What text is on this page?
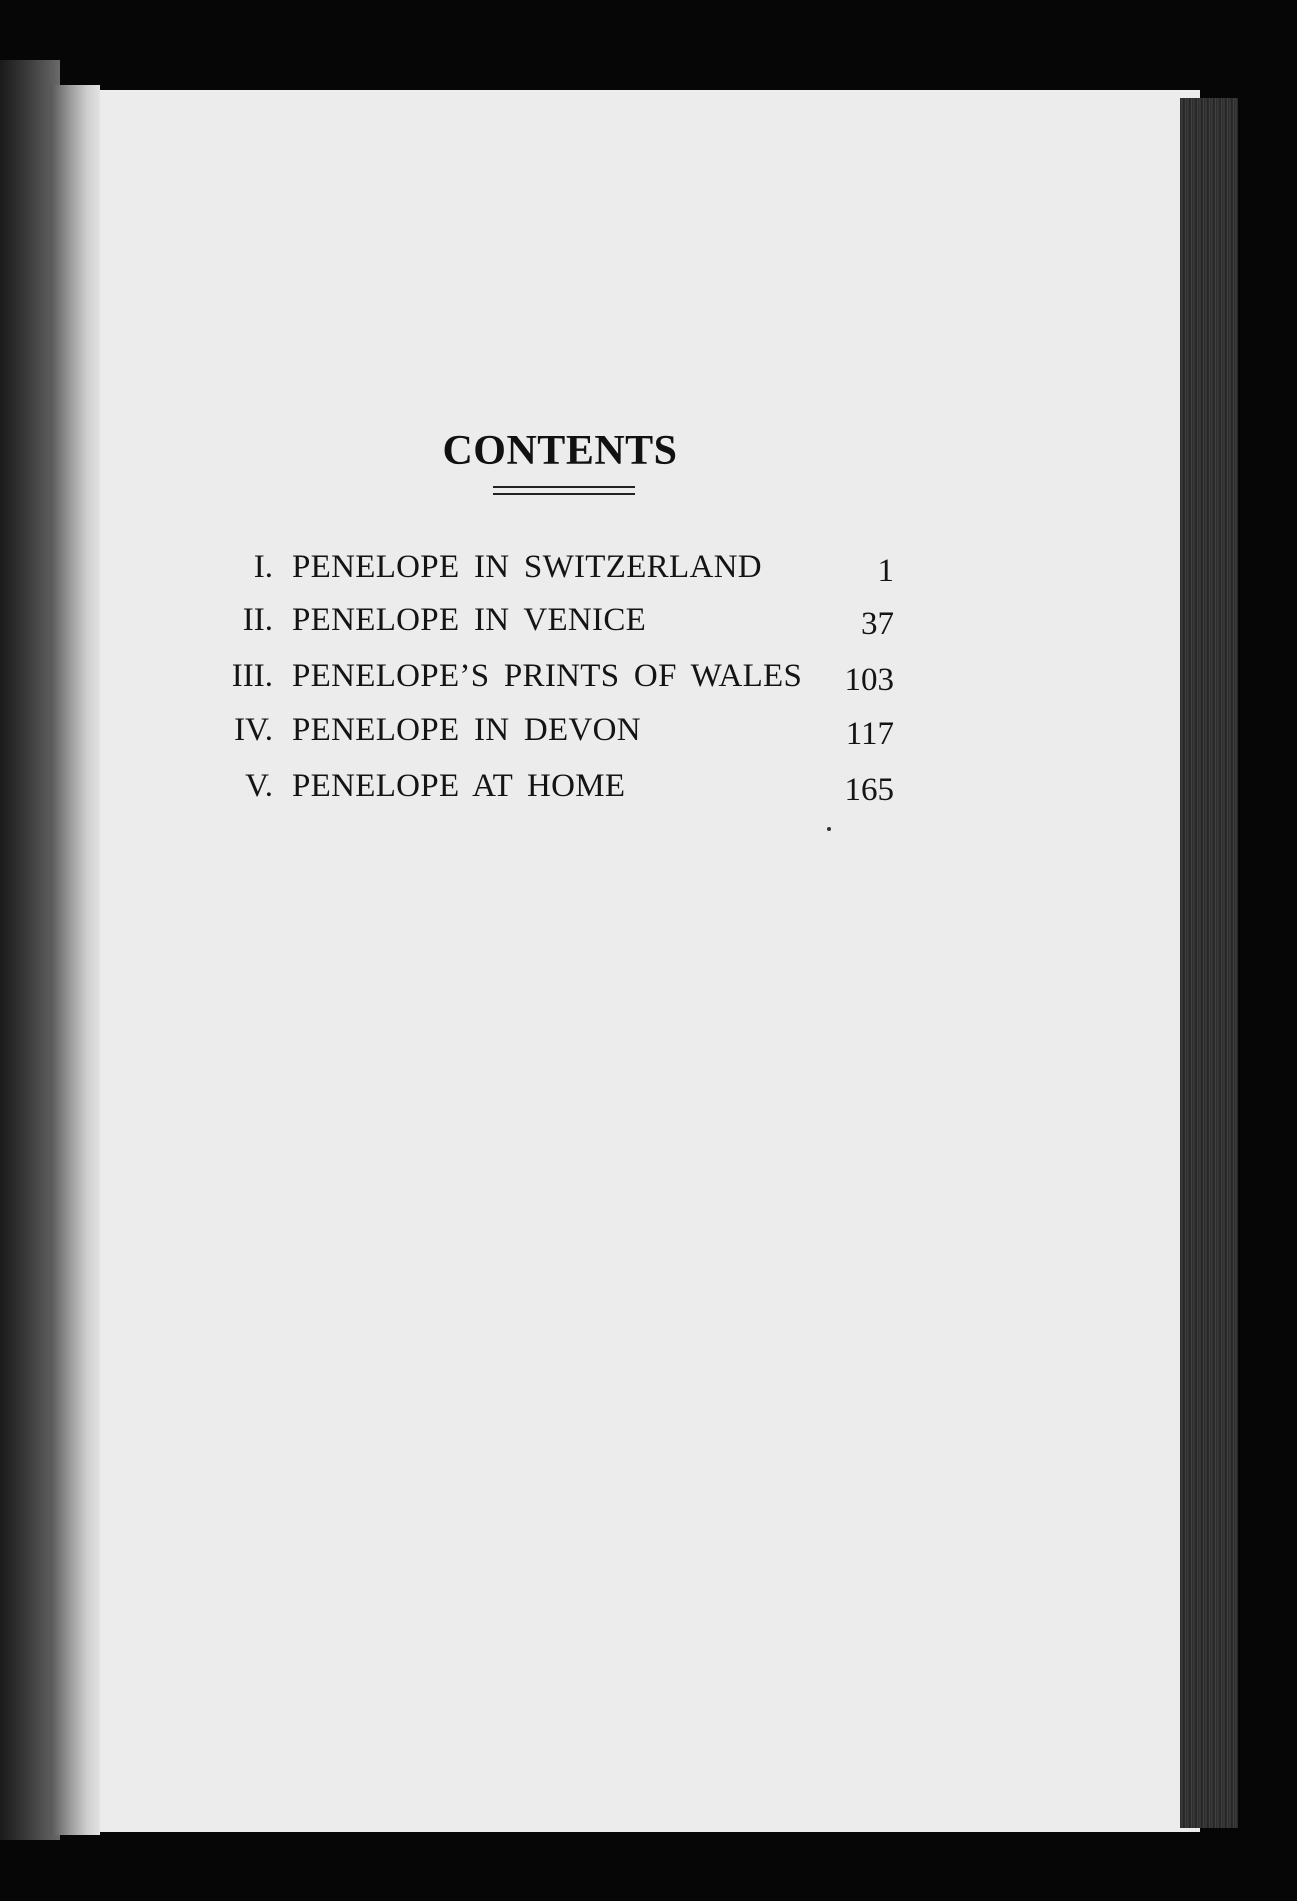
CONTENTS
I. PENELOPE IN SWITZERLAND	1
II. PENELOPE IN VENICE	37
III. PENELOPE’S PRINTS OF WALES 103
IV. PENELOPE IN DEVON	117
V. PENELOPE AT HOME	165
